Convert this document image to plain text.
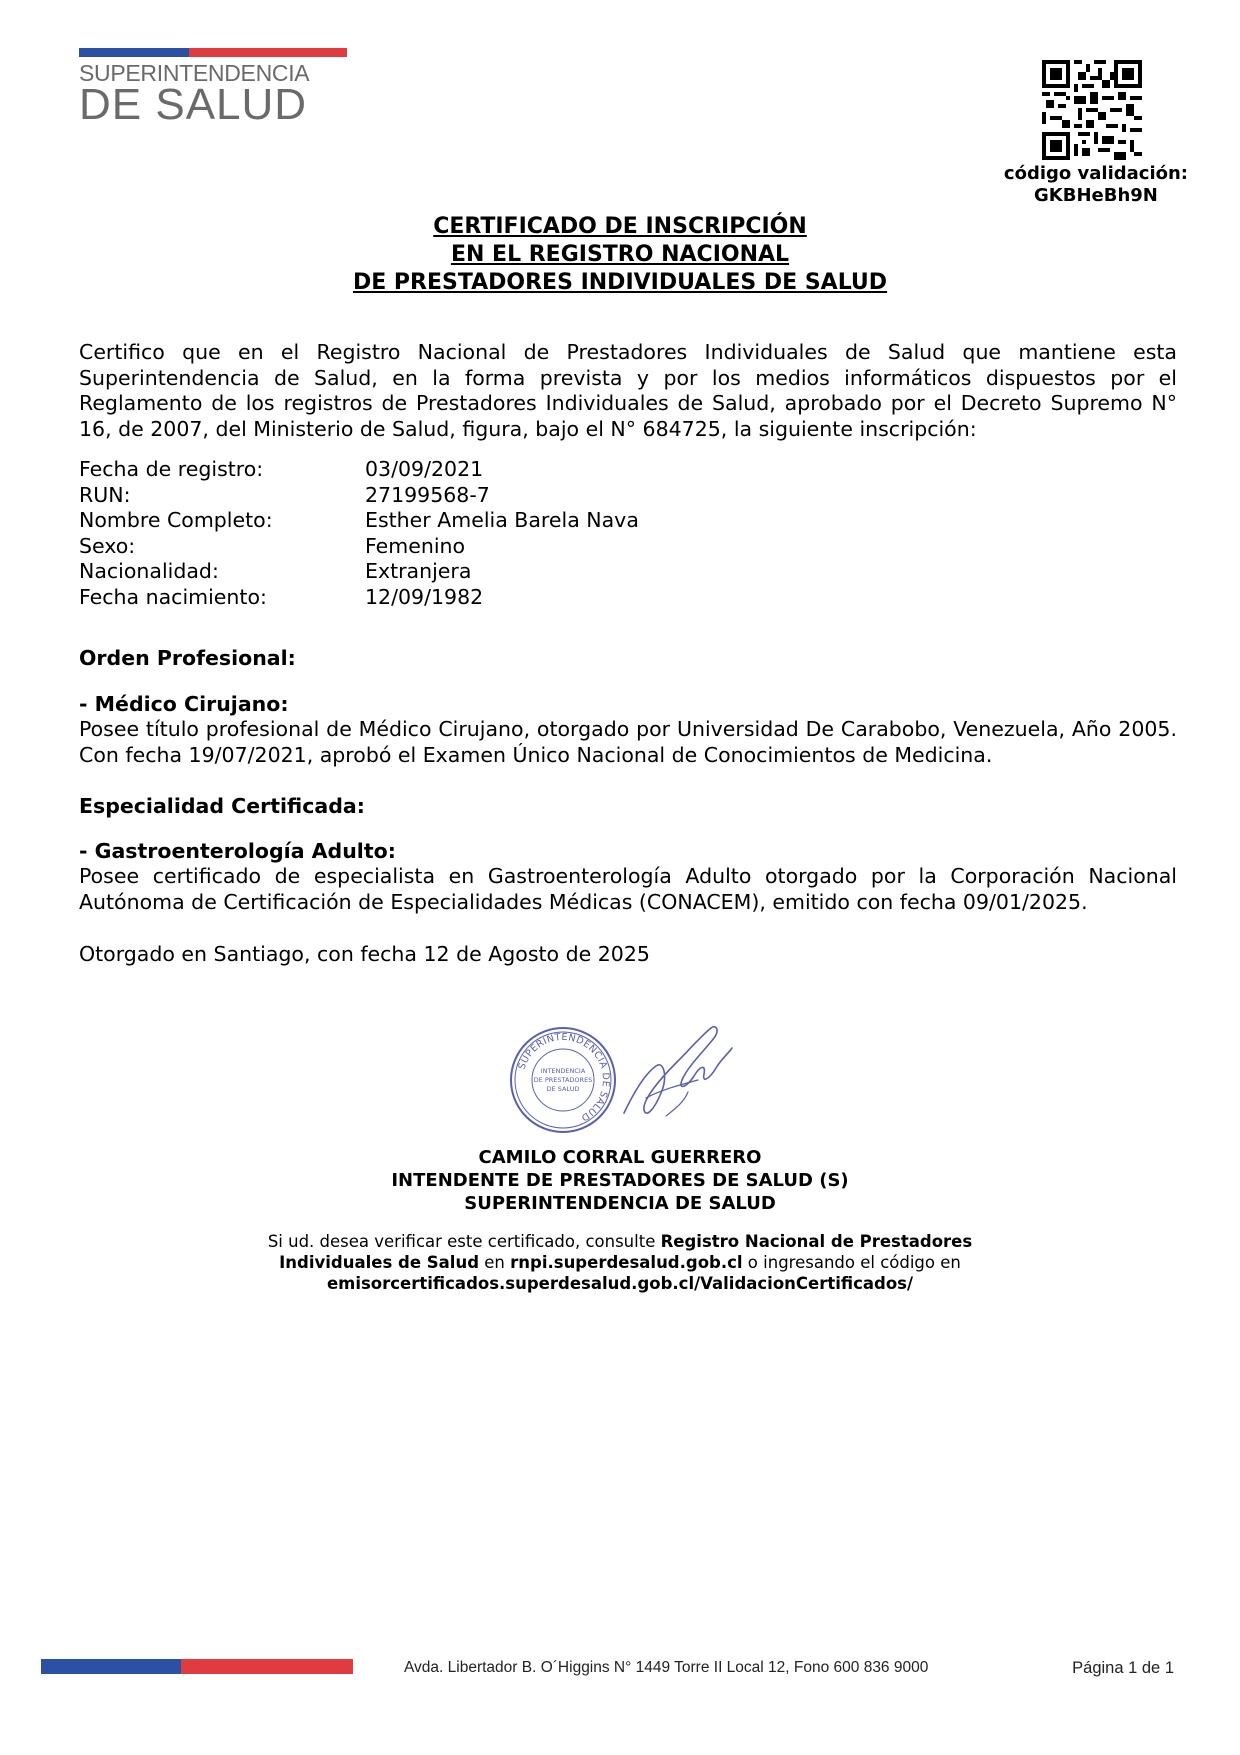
SUPERINTENDENCIA
DE SALUD
código validación:
GKBHeBh9N
CERTIFICADO DE INSCRIPCIÓN
EN EL REGISTRO NACIONAL
DE PRESTADORES INDIVIDUALES DE SALUD
Certifico que en el Registro Nacional de Prestadores Individuales de Salud que mantiene esta Superintendencia de Salud, en la forma prevista y por los medios informáticos dispuestos por el Reglamento de los registros de Prestadores Individuales de Salud, aprobado por el Decreto Supremo N° 16, de 2007, del Ministerio de Salud, figura, bajo el N° 684725, la siguiente inscripción:
Fecha de registro:	03/09/2021
RUN:	27199568-7
Nombre Completo:	Esther Amelia Barela Nava
Sexo:	Femenino
Nacionalidad:	Extranjera
Fecha nacimiento:	12/09/1982
Orden Profesional:
- Médico Cirujano:
Posee título profesional de Médico Cirujano, otorgado por Universidad De Carabobo, Venezuela, Año 2005. Con fecha 19/07/2021, aprobó el Examen Único Nacional de Conocimientos de Medicina.
Especialidad Certificada:
- Gastroenterología Adulto:
Posee certificado de especialista en Gastroenterología Adulto otorgado por la Corporación Nacional Autónoma de Certificación de Especialidades Médicas (CONACEM), emitido con fecha 09/01/2025.
Otorgado en Santiago, con fecha 12 de Agosto de 2025
SUPERINTENDENCIA DE SALUD
INTENDENCIA
DE PRESTADORES
DE SALUD
CAMILO CORRAL GUERRERO
INTENDENTE DE PRESTADORES DE SALUD (S)
SUPERINTENDENCIA DE SALUD
Si ud. desea verificar este certificado, consulte Registro Nacional de Prestadores
Individuales de Salud en rnpi.superdesalud.gob.cl o ingresando el código en
emisorcertificados.superdesalud.gob.cl/ValidacionCertificados/
Avda. Libertador B. O´Higgins N° 1449 Torre II Local 12, Fono 600 836 9000	Página 1 de 1
